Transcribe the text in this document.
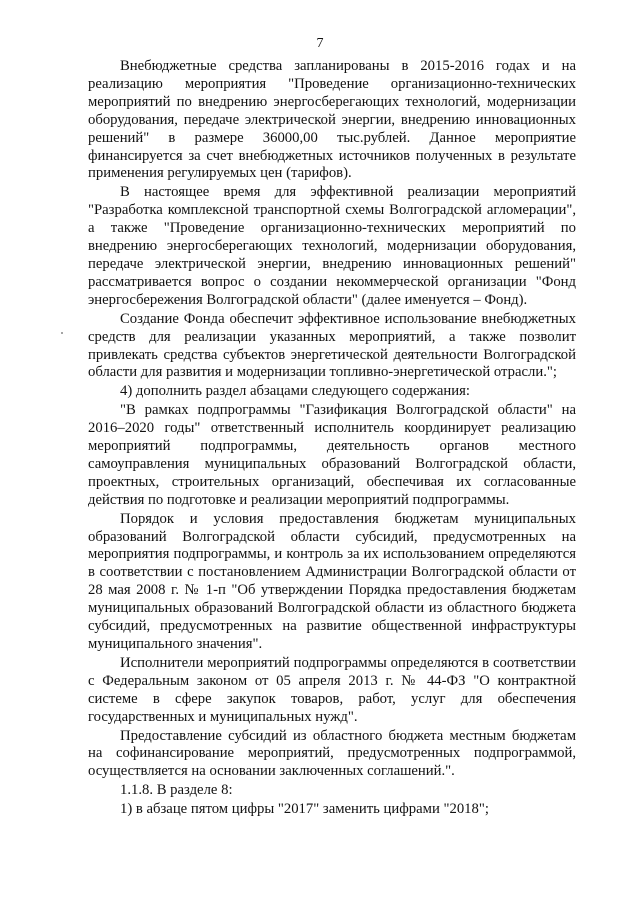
7

Внебюджетные средства запланированы в 2015-2016 годах и на реализацию мероприятия "Проведение организационно-технических мероприятий по внедрению энергосберегающих технологий, модернизации оборудования, передаче электрической энергии, внедрению инновационных решений" в размере 36000,00 тыс.рублей. Данное мероприятие финансируется за счет внебюджетных источников полученных в результате применения регулируемых цен (тарифов).

В настоящее время для эффективной реализации мероприятий "Разработка комплексной транспортной схемы Волгоградской агломерации", а также "Проведение организационно-технических мероприятий по внедрению энергосберегающих технологий, модернизации оборудования, передаче электрической энергии, внедрению инновационных решений" рассматривается вопрос о создании некоммерческой организации "Фонд энергосбережения Волгоградской области" (далее именуется – Фонд).

Создание Фонда обеспечит эффективное использование внебюджетных средств для реализации указанных мероприятий, а также позволит привлекать средства субъектов энергетической деятельности Волгоградской области для развития и модернизации топливно-энергетической отрасли.";

4) дополнить раздел абзацами следующего содержания:

"В рамках подпрограммы "Газификация Волгоградской области" на 2016–2020 годы" ответственный исполнитель координирует реализацию мероприятий подпрограммы, деятельность органов местного самоуправления муниципальных образований Волгоградской области, проектных, строительных организаций, обеспечивая их согласованные действия по подготовке и реализации мероприятий подпрограммы.

Порядок и условия предоставления бюджетам муниципальных образований Волгоградской области субсидий, предусмотренных на мероприятия подпрограммы, и контроль за их использованием определяются в соответствии с постановлением Администрации Волгоградской области от 28 мая 2008 г. № 1-п "Об утверждении Порядка предоставления бюджетам муниципальных образований Волгоградской области из областного бюджета субсидий, предусмотренных на развитие общественной инфраструктуры муниципального значения".

Исполнители мероприятий подпрограммы определяются в соответствии с Федеральным законом от 05 апреля 2013 г. № 44-ФЗ "О контрактной системе в сфере закупок товаров, работ, услуг для обеспечения государственных и муниципальных нужд".

Предоставление субсидий из областного бюджета местным бюджетам на софинансирование мероприятий, предусмотренных подпрограммой, осуществляется на основании заключенных соглашений.".

1.1.8. В разделе 8:

1) в абзаце пятом цифры "2017" заменить цифрами "2018";
